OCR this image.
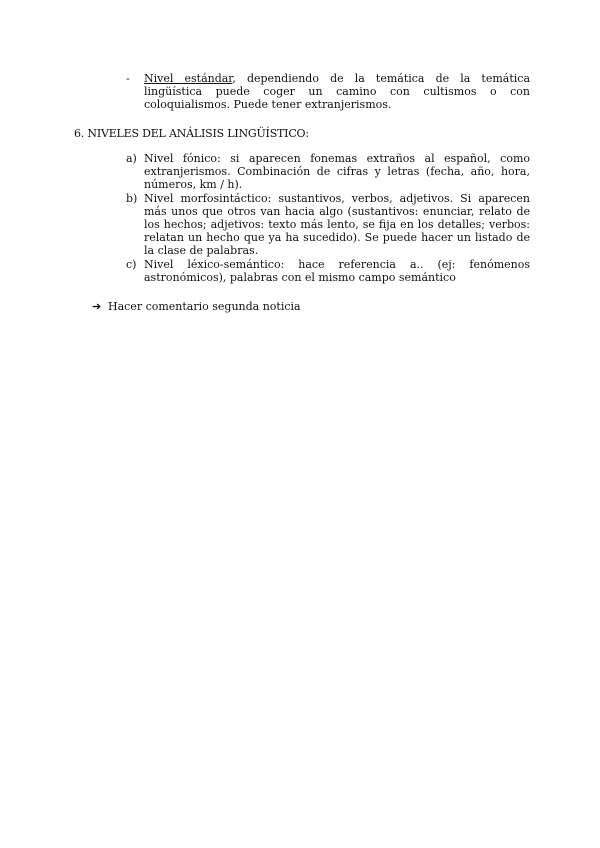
- Nivel estándar, dependiendo de la temática de la temática lingüística puede coger un camino con cultismos o con coloquialismos. Puede tener extranjerismos.
6. NIVELES DEL ANÁLISIS LINGÜÍSTICO:
a) Nivel fónico: si aparecen fonemas extraños al español, como extranjerismos. Combinación de cifras y letras (fecha, año, hora, números, km / h).
b) Nivel morfosintáctico: sustantivos, verbos, adjetivos. Si aparecen más unos que otros van hacia algo (sustantivos: enunciar, relato de los hechos; adjetivos: texto más lento, se fija en los detalles; verbos: relatan un hecho que ya ha sucedido). Se puede hacer un listado de la clase de palabras.
c) Nivel léxico-semántico: hace referencia a.. (ej: fenómenos astronómicos), palabras con el mismo campo semántico
➔ Hacer comentario segunda noticia
